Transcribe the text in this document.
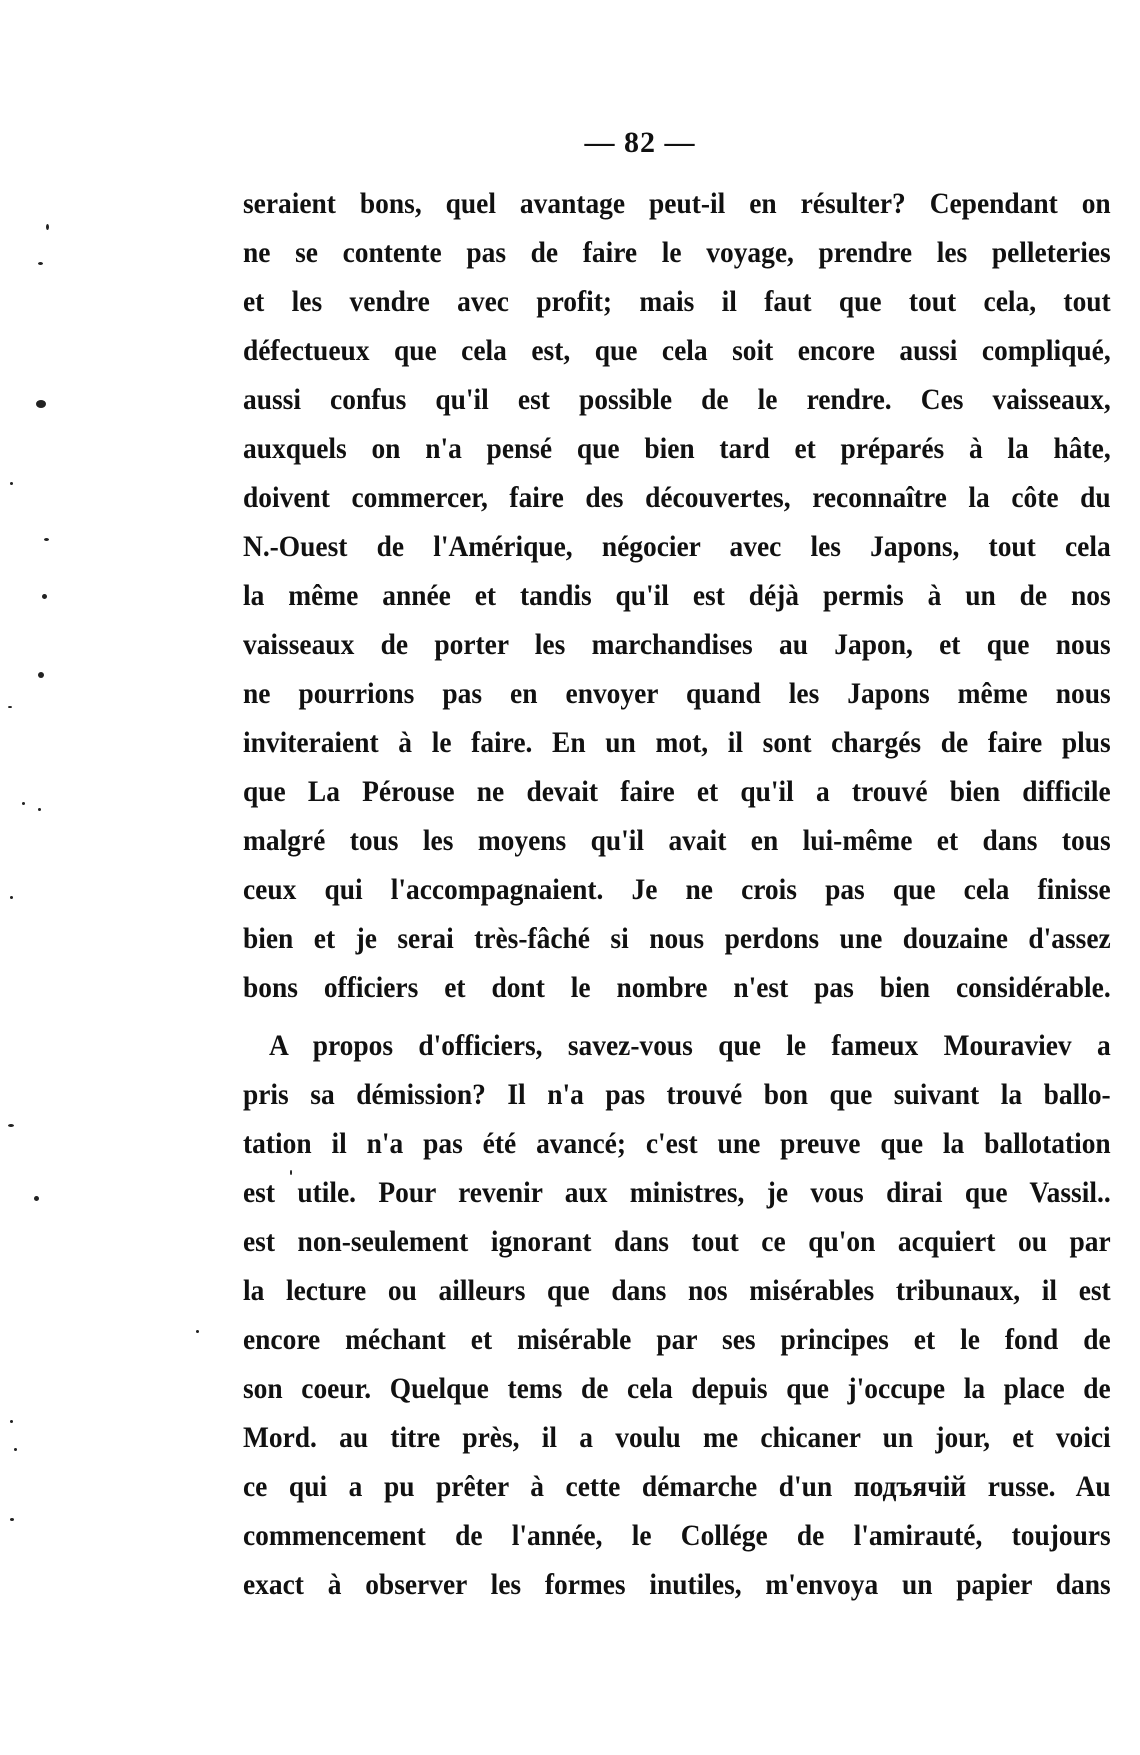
— 82 —
seraient bons, quel avantage peut-il en résulter? Cependant on
ne se contente pas de faire le voyage, prendre les pelleteries
et les vendre avec profit; mais il faut que tout cela, tout
défectueux que cela est, que cela soit encore aussi compliqué,
aussi confus qu'il est possible de le rendre. Ces vaisseaux,
auxquels on n'a pensé que bien tard et préparés à la hâte,
doivent commercer, faire des découvertes, reconnaître la côte du
N.-Ouest de l'Amérique, négocier avec les Japons, tout cela
la même année et tandis qu'il est déjà permis à un de nos
vaisseaux de porter les marchandises au Japon, et que nous
ne pourrions pas en envoyer quand les Japons même nous
inviteraient à le faire. En un mot, il sont chargés de faire plus
que La Pérouse ne devait faire et qu'il a trouvé bien difficile
malgré tous les moyens qu'il avait en lui-même et dans tous
ceux qui l'accompagnaient. Je ne crois pas que cela finisse
bien et je serai très-fâché si nous perdons une douzaine d'assez
bons officiers et dont le nombre n'est pas bien considérable.
A propos d'officiers, savez-vous que le fameux Mouraviev a
pris sa démission? Il n'a pas trouvé bon que suivant la ballo-
tation il n'a pas été avancé; c'est une preuve que la ballotation
est utile. Pour revenir aux ministres, je vous dirai que Vassil..
est non-seulement ignorant dans tout ce qu'on acquiert ou par
la lecture ou ailleurs que dans nos misérables tribunaux, il est
encore méchant et misérable par ses principes et le fond de
son coeur. Quelque tems de cela depuis que j'occupe la place de
Mord. au titre près, il a voulu me chicaner un jour, et voici
ce qui a pu prêter à cette démarche d'un подъячiй russe. Au
commencement de l'année, le Collége de l'amirauté, toujours
exact à observer les formes inutiles, m'envoya un papier dans
